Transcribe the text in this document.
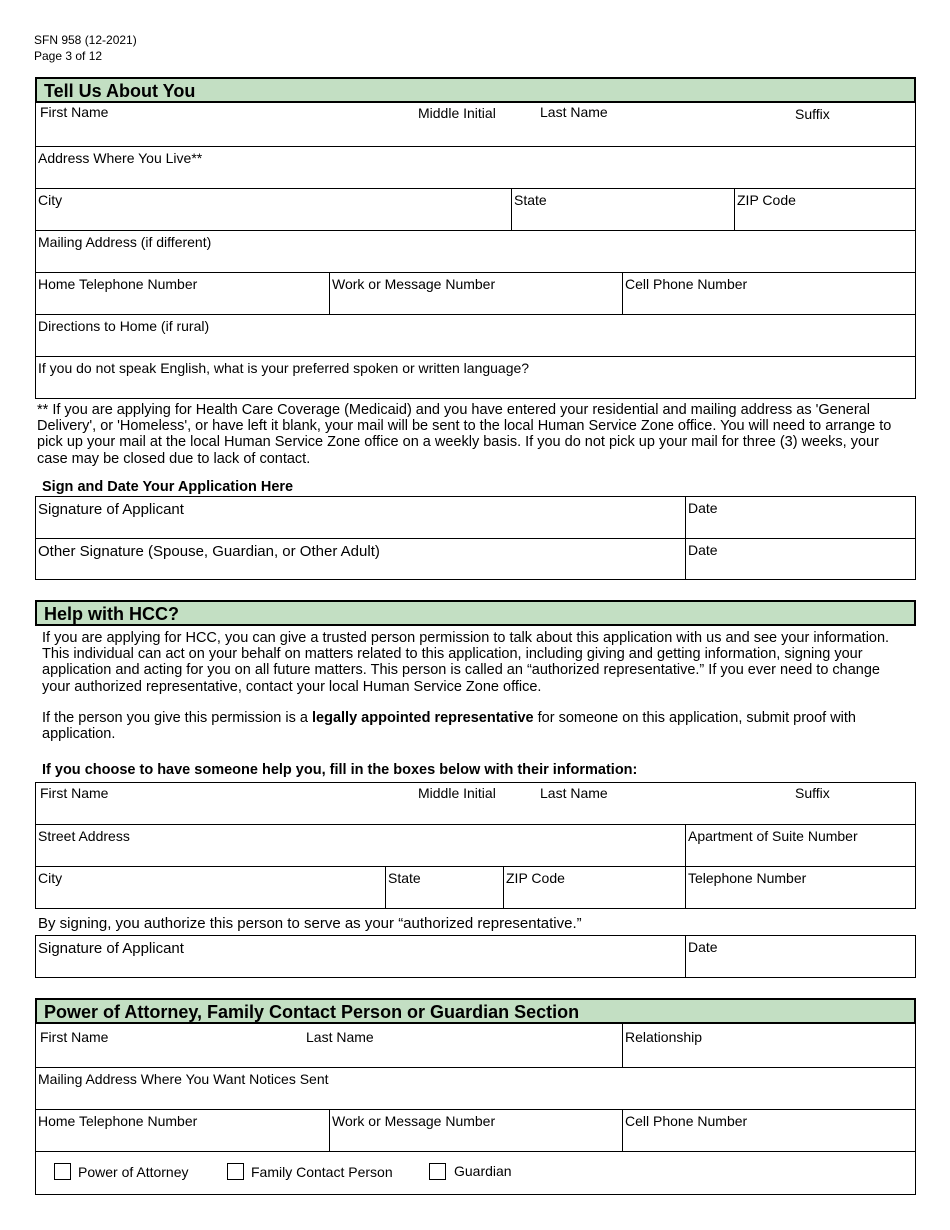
SFN 958 (12-2021)
Page 3 of 12
Tell Us About You
First Name	Middle Initial	Last Name	Suffix
Address Where You Live**
City	State	ZIP Code
Mailing Address (if different)
Home Telephone Number	Work or Message Number	Cell Phone Number
Directions to Home (if rural)
If you do not speak English, what is your preferred spoken or written language?
** If you are applying for Health Care Coverage (Medicaid) and you have entered your residential and mailing address as 'General Delivery', or 'Homeless', or have left it blank, your mail will be sent to the local Human Service Zone office. You will need to arrange to pick up your mail at the local Human Service Zone office on a weekly basis. If you do not pick up your mail for three (3) weeks, your case may be closed due to lack of contact.
Sign and Date Your Application Here
Signature of Applicant	Date
Other Signature (Spouse, Guardian, or Other Adult)	Date
Help with HCC?
If you are applying for HCC, you can give a trusted person permission to talk about this application with us and see your information. This individual can act on your behalf on matters related to this application, including giving and getting information, signing your application and acting for you on all future matters. This person is called an “authorized representative.” If you ever need to change your authorized representative, contact your local Human Service Zone office.
If the person you give this permission is a legally appointed representative for someone on this application, submit proof with application.
If you choose to have someone help you, fill in the boxes below with their information:
First Name	Middle Initial	Last Name	Suffix
Street Address	Apartment of Suite Number
City	State	ZIP Code	Telephone Number
By signing, you authorize this person to serve as your “authorized representative.”
Signature of Applicant	Date
Power of Attorney, Family Contact Person or Guardian Section
First Name	Last Name	Relationship
Mailing Address Where You Want Notices Sent
Home Telephone Number	Work or Message Number	Cell Phone Number
Power of Attorney	Family Contact Person	Guardian
